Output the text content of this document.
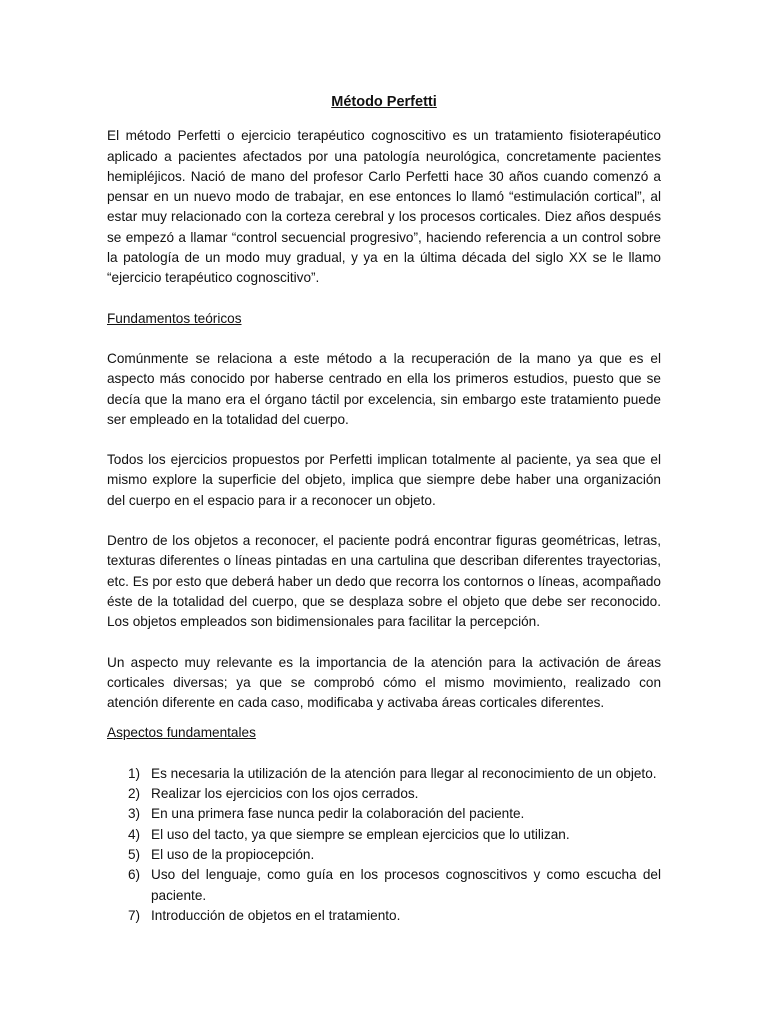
Método Perfetti

El método Perfetti o ejercicio terapéutico cognoscitivo es un tratamiento fisioterapéutico aplicado a pacientes afectados por una patología neurológica, concretamente pacientes hemipléjicos. Nació de mano del profesor Carlo Perfetti hace 30 años cuando comenzó a pensar en un nuevo modo de trabajar, en ese entonces lo llamó “estimulación cortical”, al estar muy relacionado con la corteza cerebral y los procesos corticales. Diez años después se empezó a llamar “control secuencial progresivo”, haciendo referencia a un control sobre la patología de un modo muy gradual, y ya en la última década del siglo XX se le llamo “ejercicio terapéutico cognoscitivo”.

Fundamentos teóricos

Comúnmente se relaciona a este método a la recuperación de la mano ya que es el aspecto más conocido por haberse centrado en ella los primeros estudios, puesto que se decía que la mano era el órgano táctil por excelencia, sin embargo este tratamiento puede ser empleado en la totalidad del cuerpo.

Todos los ejercicios propuestos por Perfetti implican totalmente al paciente, ya sea que el mismo explore la superficie del objeto, implica que siempre debe haber una organización del cuerpo en el espacio para ir a reconocer un objeto.

Dentro de los objetos a reconocer, el paciente podrá encontrar figuras geométricas, letras, texturas diferentes o líneas pintadas en una cartulina que describan diferentes trayectorias, etc. Es por esto que deberá haber un dedo que recorra los contornos o líneas, acompañado éste de la totalidad del cuerpo, que se desplaza sobre el objeto que debe ser reconocido. Los objetos empleados son bidimensionales para facilitar la percepción.

Un aspecto muy relevante es la importancia de la atención para la activación de áreas corticales diversas; ya que se comprobó cómo el mismo movimiento, realizado con atención diferente en cada caso, modificaba y activaba áreas corticales diferentes.

Aspectos fundamentales

1) Es necesaria la utilización de la atención para llegar al reconocimiento de un objeto.
2) Realizar los ejercicios con los ojos cerrados.
3) En una primera fase nunca pedir la colaboración del paciente.
4) El uso del tacto, ya que siempre se emplean ejercicios que lo utilizan.
5) El uso de la propiocepción.
6) Uso del lenguaje, como guía en los procesos cognoscitivos y como escucha del paciente.
7) Introducción de objetos en el tratamiento.
